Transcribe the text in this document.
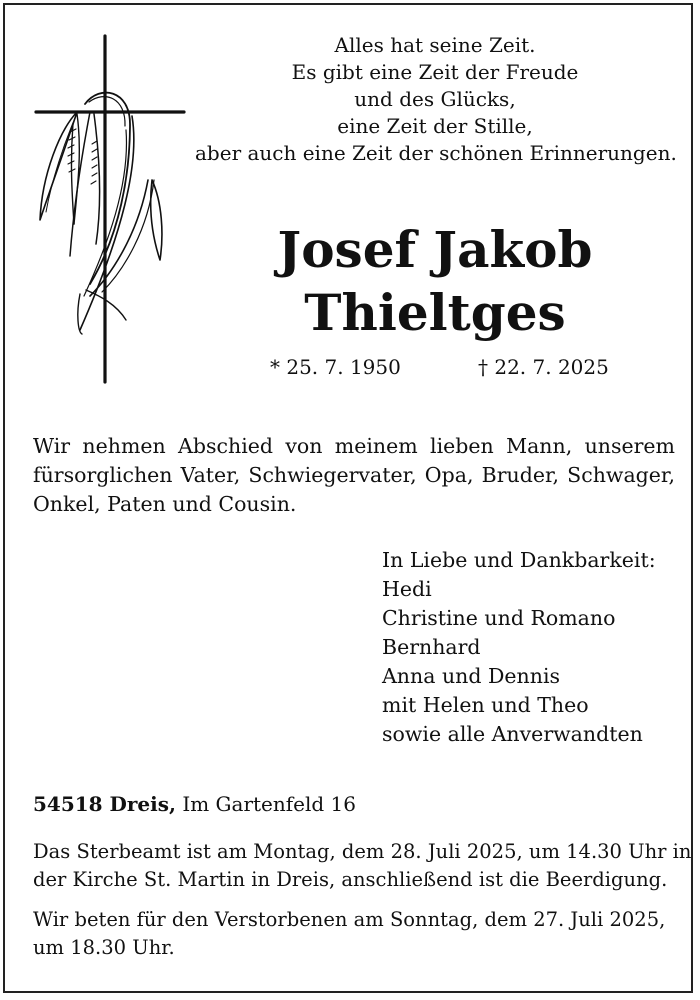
Alles hat seine Zeit.
Es gibt eine Zeit der Freude
und des Glücks,
eine Zeit der Stille,
aber auch eine Zeit der schönen Erinnerungen.
Josef Jakob
Thieltges
* 25. 7. 1950	† 22. 7. 2025
Wir nehmen Abschied von meinem lieben Mann, unserem fürsorglichen Vater, Schwiegervater, Opa, Bruder, Schwager, Onkel, Paten und Cousin.
In Liebe und Dankbarkeit:
Hedi
Christine und Romano
Bernhard
Anna und Dennis
mit Helen und Theo
sowie alle Anverwandten
54518 Dreis, Im Gartenfeld 16
Das Sterbeamt ist am Montag, dem 28. Juli 2025, um 14.30 Uhr in
der Kirche St. Martin in Dreis, anschließend ist die Beerdigung.
Wir beten für den Verstorbenen am Sonntag, dem 27. Juli 2025,
um 18.30 Uhr.
